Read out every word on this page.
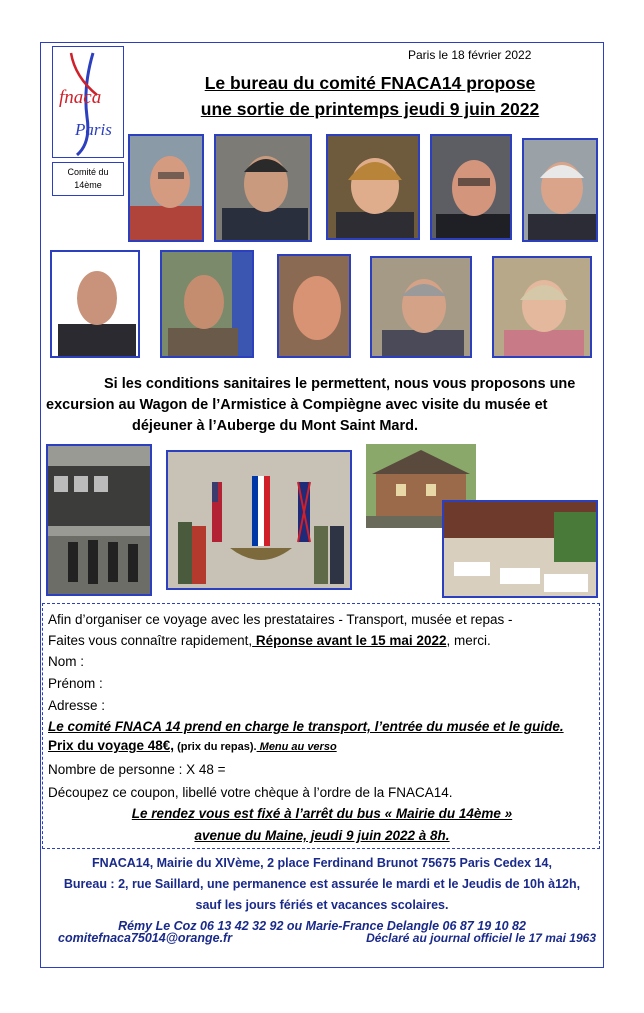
fnaca
Paris
Comité du
14ème
Paris le 18 février 2022
Le bureau du comité FNACA14 propose
une sortie de printemps jeudi 9 juin 2022

Si les conditions sanitaires le permettent, nous vous proposons une

excursion au Wagon de l’Armistice à Compiègne avec visite du musée et

déjeuner à l’Auberge du Mont Saint Mard.

Afin d’organiser ce voyage avec les prestataires - Transport, musée et repas -
Faites vous connaître rapidement, Réponse avant le 15 mai 2022, merci.
Nom :
Prénom :
Adresse :
Le comité FNACA 14 prend en charge le transport, l’entrée du musée et le guide.
Prix du voyage 48€, (prix du repas). Menu au verso
Nombre de personne : X 48 =
Découpez ce coupon, libellé votre chèque à l’ordre de la FNACA14.
Le rendez vous est fixé à l’arrêt du bus « Mairie du 14ème »
avenue du Maine, jeudi 9 juin 2022 à 8h.
FNACA14, Mairie du XIVème, 2 place Ferdinand Brunot 75675 Paris Cedex 14,
Bureau : 2, rue Saillard, une permanence est assurée le mardi et le Jeudis de 10h à12h,
sauf les jours fériés et vacances scolaires.
Rémy Le Coz 06 13 42 32 92 ou Marie-France Delangle 06 87 19 10 82
comitefnaca75014@orange.fr	Déclaré au journal officiel le 17 mai 1963
